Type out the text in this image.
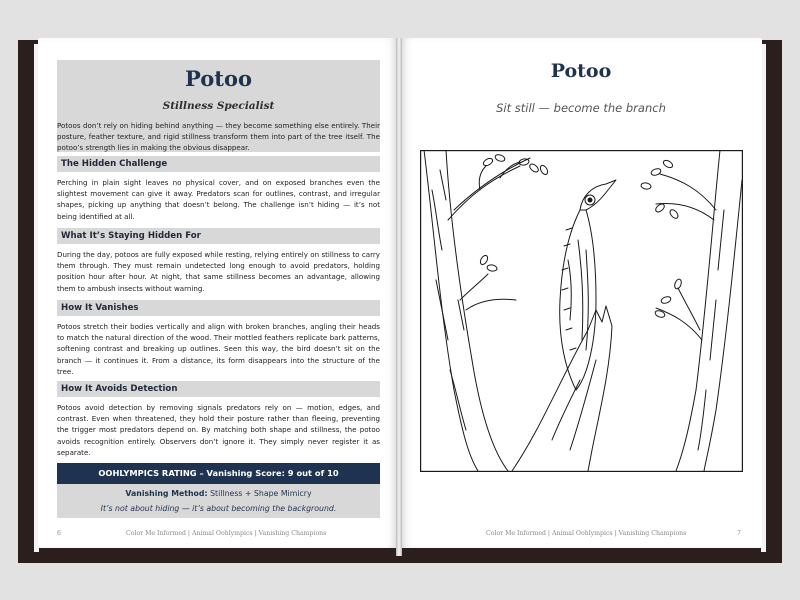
Potoo
Stillness Specialist
Potoos don’t rely on hiding behind anything — they become something else entirely. Their posture, feather texture, and rigid stillness transform them into part of the tree itself. The potoo’s strength lies in making the obvious disappear.
The Hidden Challenge
Perching in plain sight leaves no physical cover, and on exposed branches even the slightest movement can give it away. Predators scan for outlines, contrast, and irregular shapes, picking up anything that doesn’t belong. The challenge isn’t hiding — it’s not being identified at all.
What It’s Staying Hidden For
During the day, potoos are fully exposed while resting, relying entirely on stillness to carry them through. They must remain undetected long enough to avoid predators, holding position hour after hour. At night, that same stillness becomes an advantage, allowing them to ambush insects without warning.
How It Vanishes
Potoos stretch their bodies vertically and align with broken branches, angling their heads to match the natural direction of the wood. Their mottled feathers replicate bark patterns, softening contrast and breaking up outlines. Seen this way, the bird doesn’t sit on the branch — it continues it. From a distance, its form disappears into the structure of the tree.
How It Avoids Detection
Potoos avoid detection by removing signals predators rely on — motion, edges, and contrast. Even when threatened, they hold their posture rather than fleeing, preventing the trigger most predators depend on. By matching both shape and stillness, the potoo avoids recognition entirely. Observers don’t ignore it. They simply never register it as separate.
OOHLYMPICS RATING – Vanishing Score: 9 out of 10
Vanishing Method: Stillness + Shape Mimicry
It’s not about hiding — it’s about becoming the background.
6	Color Me Informed | Animal Oohlympics | Vanishing Champions
Potoo
Sit still — become the branch
Color Me Informed | Animal Oohlympics | Vanishing Champions	7
